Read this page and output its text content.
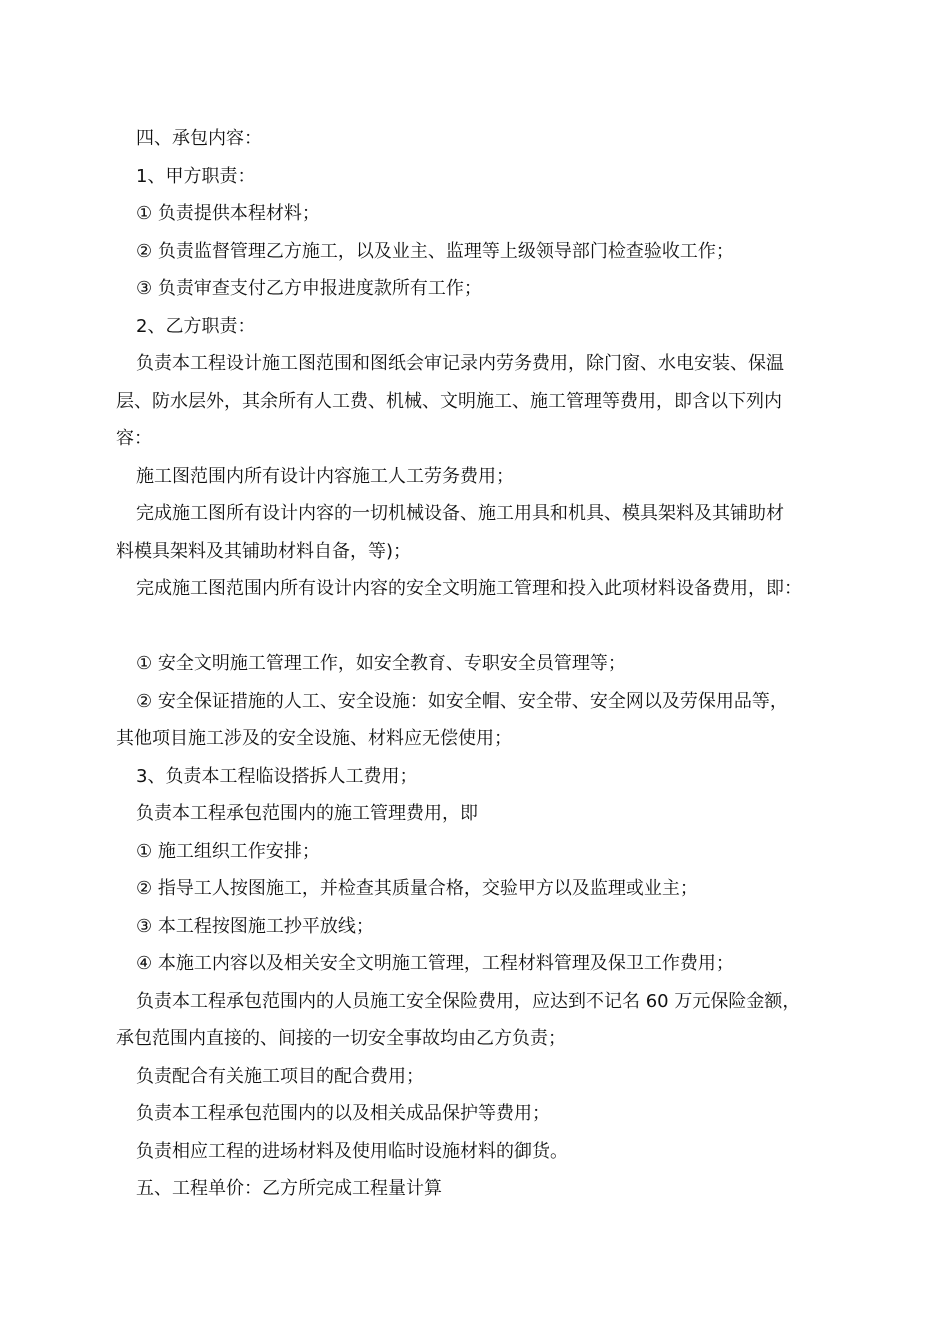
四、承包内容：
1、甲方职责：
① 负责提供本程材料；
② 负责监督管理乙方施工，以及业主、监理等上级领导部门检查验收工作；
③ 负责审查支付乙方申报进度款所有工作；
2、乙方职责：
负责本工程设计施工图范围和图纸会审记录内劳务费用，除门窗、水电安装、保温
层、防水层外，其余所有人工费、机械、文明施工、施工管理等费用，即含以下列内
容：
施工图范围内所有设计内容施工人工劳务费用；
完成施工图所有设计内容的一切机械设备、施工用具和机具、模具架料及其铺助材
料模具架料及其铺助材料自备，等)；
完成施工图范围内所有设计内容的安全文明施工管理和投入此项材料设备费用，即：
① 安全文明施工管理工作，如安全教育、专职安全员管理等；
② 安全保证措施的人工、安全设施：如安全帽、安全带、安全网以及劳保用品等，
其他项目施工涉及的安全设施、材料应无偿使用；
3、负责本工程临设搭拆人工费用；
负责本工程承包范围内的施工管理费用，即
① 施工组织工作安排；
② 指导工人按图施工，并检查其质量合格，交验甲方以及监理或业主；
③ 本工程按图施工抄平放线；
④ 本施工内容以及相关安全文明施工管理，工程材料管理及保卫工作费用；
负责本工程承包范围内的人员施工安全保险费用，应达到不记名 60 万元保险金额，
承包范围内直接的、间接的一切安全事故均由乙方负责；
负责配合有关施工项目的配合费用；
负责本工程承包范围内的以及相关成品保护等费用；
负责相应工程的进场材料及使用临时设施材料的御货。
五、工程单价：乙方所完成工程量计算
